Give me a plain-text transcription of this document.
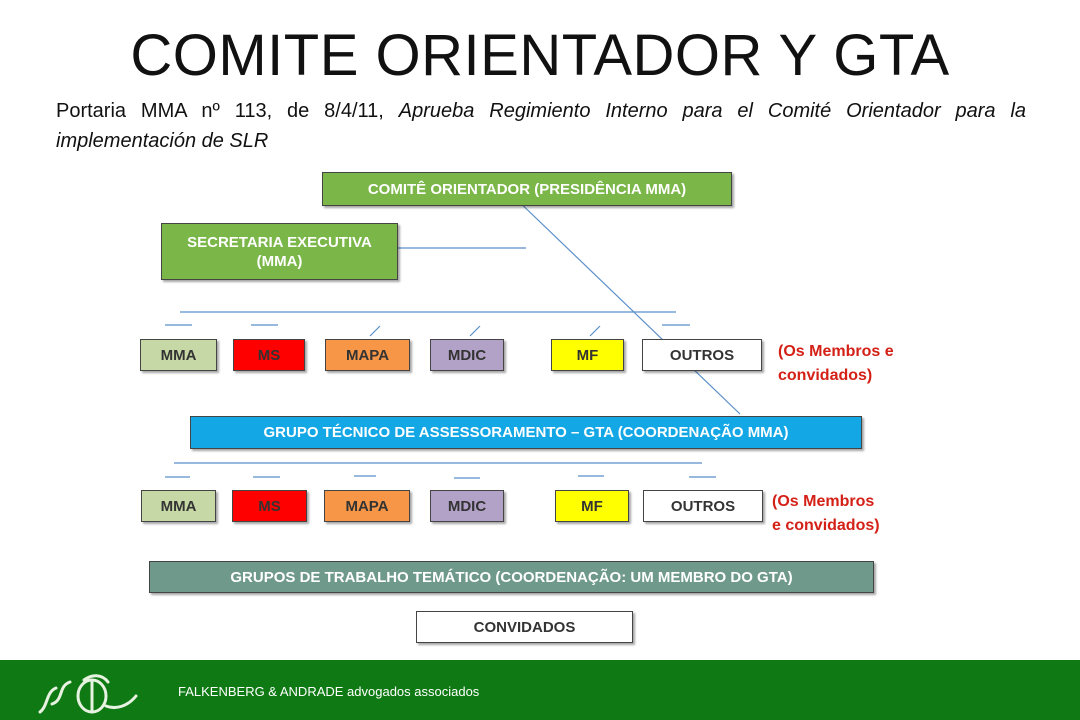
COMITE ORIENTADOR Y GTA
Portaria MMA nº 113, de 8/4/11, Aprueba Regimiento Interno para el Comité Orientador para la implementación de SLR
COMITÊ ORIENTADOR (PRESIDÊNCIA MMA)
SECRETARIA EXECUTIVA (MMA)
MMA	MS	MAPA	MDIC	MF	OUTROS	(Os Membros e
convidados)
GRUPO TÉCNICO DE ASSESSORAMENTO – GTA (COORDENAÇÃO MMA)
MMA	MS	MAPA	MDIC	MF	OUTROS	(Os Membros
e convidados)
GRUPOS DE TRABALHO TEMÁTICO (COORDENAÇÃO: UM MEMBRO DO GTA)
CONVIDADOS
FALKENBERG & ANDRADE advogados associados
